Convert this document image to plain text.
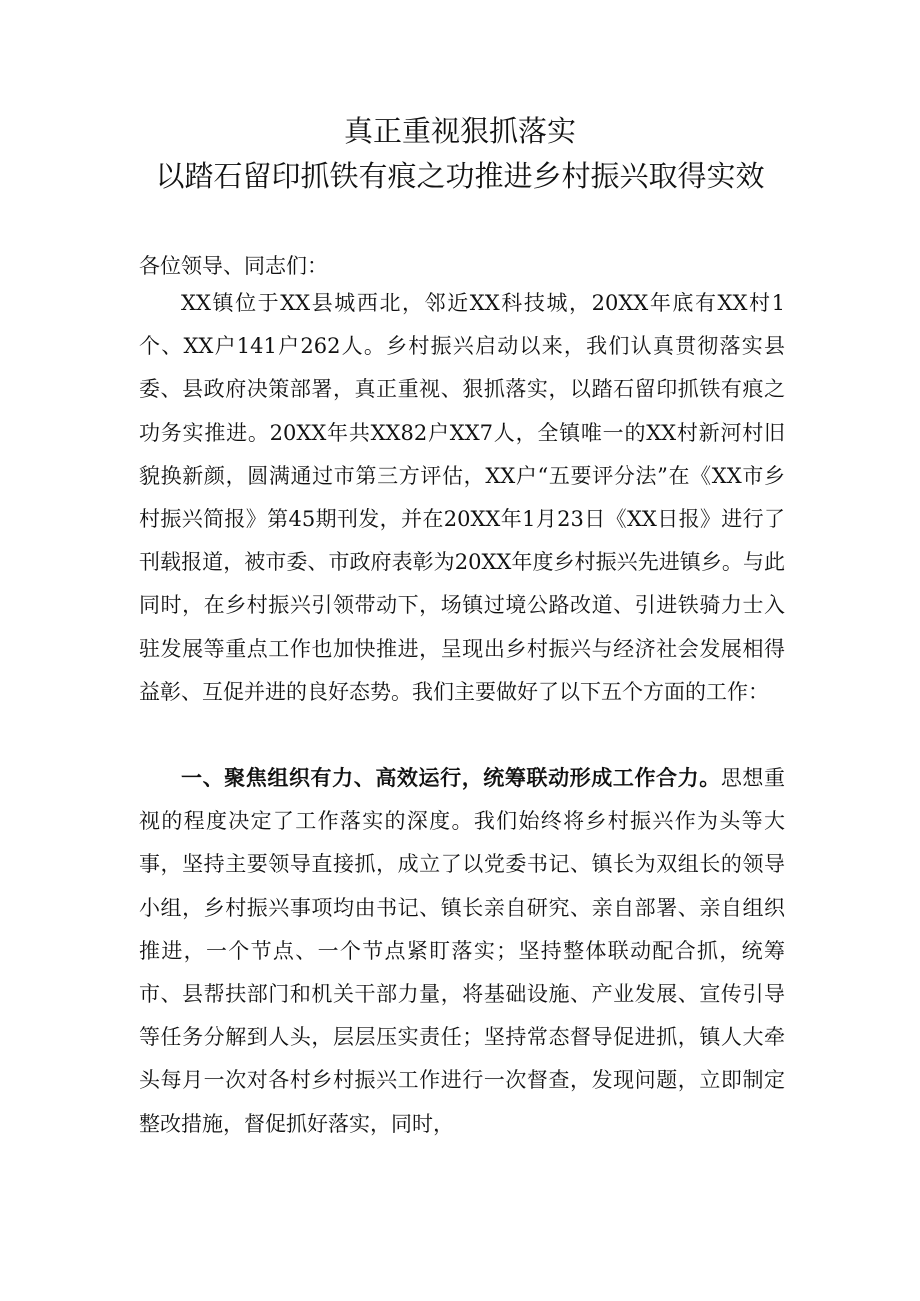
真正重视狠抓落实
以踏石留印抓铁有痕之功推进乡村振兴取得实效
各位领导、同志们：

XX镇位于XX县城西北，邻近XX科技城，20XX年底有XX村1个、XX户141户262人。乡村振兴启动以来，我们认真贯彻落实县委、县政府决策部署，真正重视、狠抓落实，以踏石留印抓铁有痕之功务实推进。20XX年共XX82户XX7人，全镇唯一的XX村新河村旧貌换新颜，圆满通过市第三方评估，XX户“五要评分法”在《XX市乡村振兴简报》第45期刊发，并在20XX年1月23日《XX日报》进行了刊载报道，被市委、市政府表彰为20XX年度乡村振兴先进镇乡。与此同时，在乡村振兴引领带动下，场镇过境公路改道、引进铁骑力士入驻发展等重点工作也加快推进，呈现出乡村振兴与经济社会发展相得益彰、互促并进的良好态势。我们主要做好了以下五个方面的工作：

一、聚焦组织有力、高效运行，统筹联动形成工作合力。思想重视的程度决定了工作落实的深度。我们始终将乡村振兴作为头等大事，坚持主要领导直接抓，成立了以党委书记、镇长为双组长的领导小组，乡村振兴事项均由书记、镇长亲自研究、亲自部署、亲自组织推进，一个节点、一个节点紧盯落实；坚持整体联动配合抓，统筹市、县帮扶部门和机关干部力量，将基础设施、产业发展、宣传引导等任务分解到人头，层层压实责任；坚持常态督导促进抓，镇人大牵头每月一次对各村乡村振兴工作进行一次督查，发现问题，立即制定整改措施，督促抓好落实，同时，
